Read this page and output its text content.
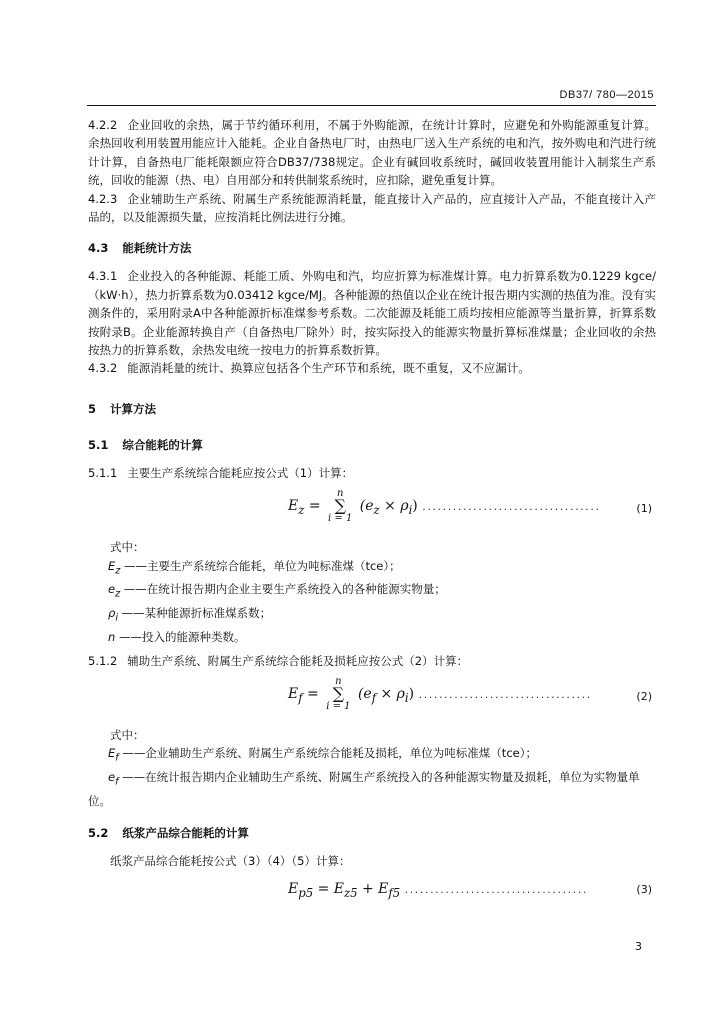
DB37/ 780—2015

4.2.2 企业回收的余热，属于节约循环利用，不属于外购能源，在统计计算时，应避免和外购能源重复计算。余热回收利用装置用能应计入能耗。企业自备热电厂时，由热电厂送入生产系统的电和汽，按外购电和汽进行统计计算，自备热电厂能耗限额应符合DB37/738规定。企业有碱回收系统时，碱回收装置用能计入制浆生产系统，回收的能源（热、电）自用部分和转供制浆系统时，应扣除，避免重复计算。

4.2.3 企业辅助生产系统、附属生产系统能源消耗量，能直接计入产品的，应直接计入产品，不能直接计入产品的，以及能源损失量，应按消耗比例法进行分摊。

4.3 能耗统计方法

4.3.1 企业投入的各种能源、耗能工质、外购电和汽，均应折算为标准煤计算。电力折算系数为0.1229 kgce/（kW·h），热力折算系数为0.03412 kgce/MJ。各种能源的热值以企业在统计报告期内实测的热值为准。没有实测条件的，采用附录A中各种能源折标准煤参考系数。二次能源及耗能工质均按相应能源等当量折算，折算系数按附录B。企业能源转换自产（自备热电厂除外）时，按实际投入的能源实物量折算标准煤量；企业回收的余热按热力的折算系数，余热发电统一按电力的折算系数折算。

4.3.2 能源消耗量的统计、换算应包括各个生产环节和系统，既不重复，又不应漏计。

5 计算方法
5.1 综合能耗的计算

5.1.1 主要生产系统综合能耗应按公式（1）计算：

$E_z = n$
∑
i = 1 $(e_z \times \rho_i)$ ...................................	(1)

式中：

$E_z$ ——主要生产系统综合能耗，单位为吨标准煤（tce）；

$e_z$ ——在统计报告期内企业主要生产系统投入的各种能源实物量；

$\rho_i$ ——某种能源折标准煤系数；

n ——投入的能源种类数。

5.1.2 辅助生产系统、附属生产系统综合能耗及损耗应按公式（2）计算：

$E_f = n$
∑
i = 1 $(e_f \times \rho_i)$ ..................................	(2)

式中：

$E_f$ ——企业辅助生产系统、附属生产系统综合能耗及损耗，单位为吨标准煤（tce）；

$e_f$ ——在统计报告期内企业辅助生产系统、附属生产系统投入的各种能源实物量及损耗，单位为实物量单位。

5.2 纸浆产品综合能耗的计算

纸浆产品综合能耗按公式（3）（4）（5）计算：

$E_{p5} = E_{z5} + E_{f5}$ ....................................	(3)
3
